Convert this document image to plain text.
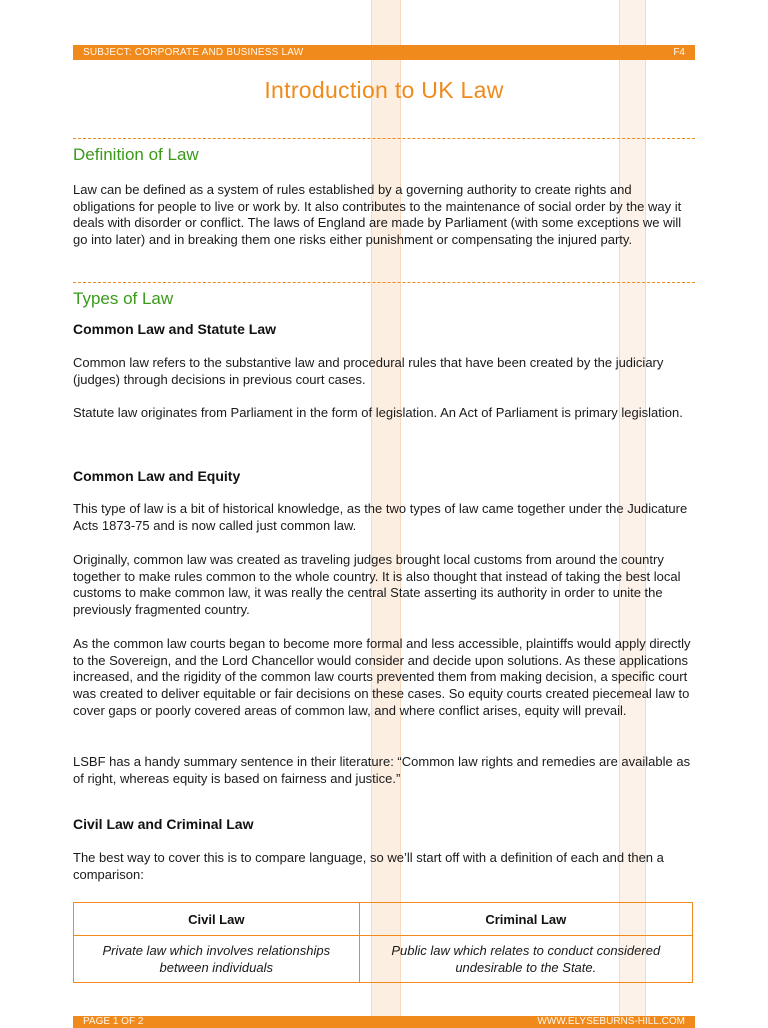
SUBJECT: CORPORATE AND BUSINESS LAW	F4
Introduction to UK Law
Definition of Law
Law can be defined as a system of rules established by a governing authority to create rights and obligations for people to live or work by. It also contributes to the maintenance of social order by the way it deals with disorder or conflict. The laws of England are made by Parliament (with some exceptions we will go into later) and in breaking them one risks either punishment or compensating the injured party.
Types of Law
Common Law and Statute Law
Common law refers to the substantive law and procedural rules that have been created by the judiciary (judges) through decisions in previous court cases.
Statute law originates from Parliament in the form of legislation. An Act of Parliament is primary legislation.
Common Law and Equity
This type of law is a bit of historical knowledge, as the two types of law came together under the Judicature Acts 1873-75 and is now called just common law.
Originally, common law was created as traveling judges brought local customs from around the country together to make rules common to the whole country. It is also thought that instead of taking the best local customs to make common law, it was really the central State asserting its authority in order to unite the previously fragmented country.
As the common law courts began to become more formal and less accessible, plaintiffs would apply directly to the Sovereign, and the Lord Chancellor would consider and decide upon solutions. As these applications increased, and the rigidity of the common law courts prevented them from making decision, a specific court was created to deliver equitable or fair decisions on these cases. So equity courts created piecemeal law to cover gaps or poorly covered areas of common law, and where conflict arises, equity will prevail.
LSBF has a handy summary sentence in their literature: “Common law rights and remedies are available as of right, whereas equity is based on fairness and justice.”
Civil Law and Criminal Law
The best way to cover this is to compare language, so we’ll start off with a definition of each and then a comparison:
Civil Law	Criminal Law
Private law which involves relationships between individuals	Public law which relates to conduct considered undesirable to the State.
PAGE 1 OF 2	WWW.ELYSEBURNS-HILL.COM
